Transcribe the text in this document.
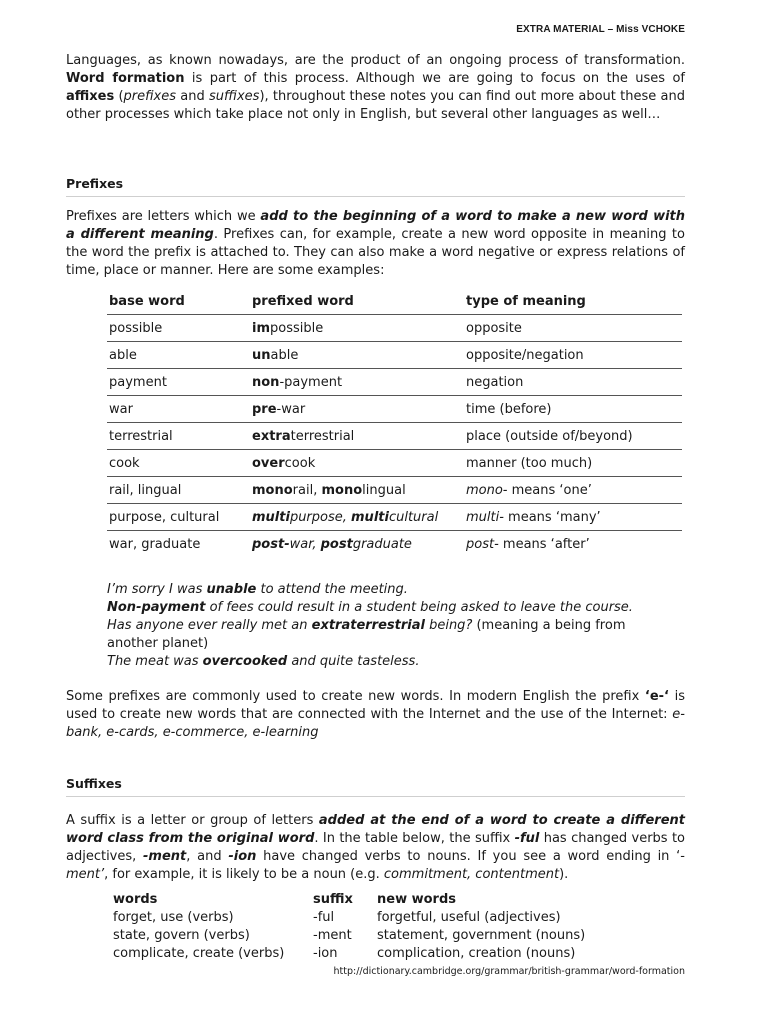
EXTRA MATERIAL – Miss VCHOKE
Languages, as known nowadays, are the product of an ongoing process of transformation. Word formation is part of this process. Although we are going to focus on the uses of affixes (prefixes and suffixes), throughout these notes you can find out more about these and other processes which take place not only in English, but several other languages as well…
Prefixes
Prefixes are letters which we add to the beginning of a word to make a new word with a different meaning. Prefixes can, for example, create a new word opposite in meaning to the word the prefix is attached to. They can also make a word negative or express relations of time, place or manner. Here are some examples:
base word	prefixed word	type of meaning
possible	impossible	opposite
able	unable	opposite/negation
payment	non-payment	negation
war	pre-war	time (before)
terrestrial	extraterrestrial	place (outside of/beyond)
cook	overcook	manner (too much)
rail, lingual	monorail, monolingual	mono- means ‘one’
purpose, cultural	multipurpose, multicultural	multi- means ‘many’
war, graduate	post-war, postgraduate	post- means ‘after’
I’m sorry I was unable to attend the meeting.
Non-payment of fees could result in a student being asked to leave the course.
Has anyone ever really met an extraterrestrial being? (meaning a being from another planet)
The meat was overcooked and quite tasteless.
Some prefixes are commonly used to create new words. In modern English the prefix ‘e-‘ is used to create new words that are connected with the Internet and the use of the Internet: e-bank, e-cards, e-commerce, e-learning
Suffixes
A suffix is a letter or group of letters added at the end of a word to create a different word class from the original word. In the table below, the suffix -ful has changed verbs to adjectives, -ment, and -ion have changed verbs to nouns. If you see a word ending in ‘-ment’, for example, it is likely to be a noun (e.g. commitment, contentment).
words	suffix	new words
forget, use (verbs)	-ful	forgetful, useful (adjectives)
state, govern (verbs)	-ment	statement, government (nouns)
complicate, create (verbs)	-ion	complication, creation (nouns)
http://dictionary.cambridge.org/grammar/british-grammar/word-formation
